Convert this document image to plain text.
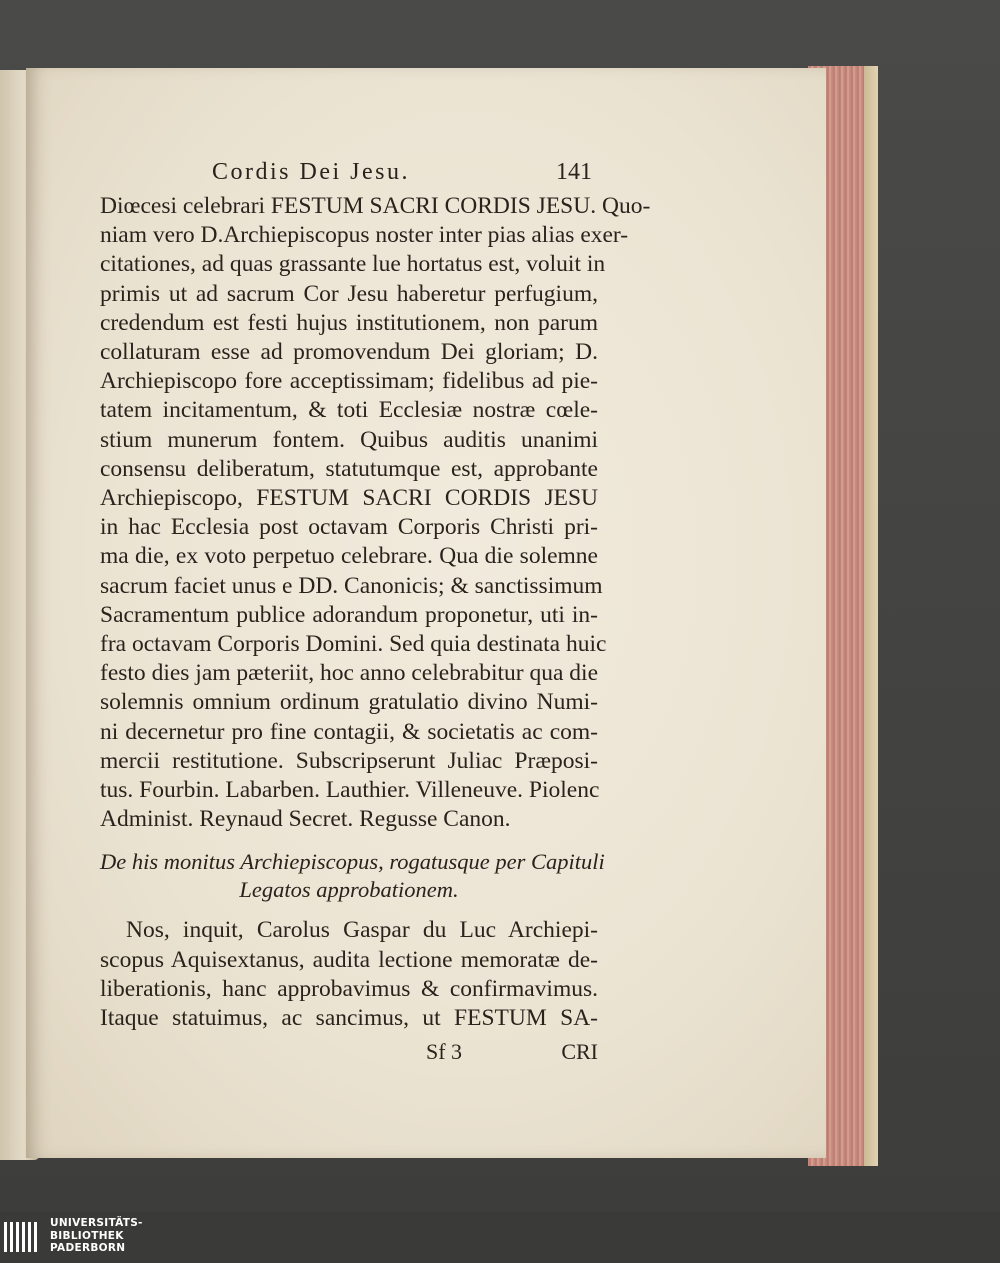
Cordis Dei Jesu.	141
Diœcesi celebrari FESTUM SACRI CORDIS JESU. Quo-
niam vero D.Archiepiscopus noster inter pias alias exer-
citationes, ad quas grassante lue hortatus est, voluit in
primis ut ad sacrum Cor Jesu haberetur perfugium,
credendum est festi hujus institutionem, non parum
collaturam esse ad promovendum Dei gloriam; D.
Archiepiscopo fore acceptissimam; fidelibus ad pie-
tatem incitamentum, & toti Ecclesiæ nostræ cœle-
stium munerum fontem. Quibus auditis unanimi
consensu deliberatum, statutumque est, approbante
Archiepiscopo, FESTUM SACRI CORDIS JESU
in hac Ecclesia post octavam Corporis Christi pri-
ma die, ex voto perpetuo celebrare. Qua die solemne
sacrum faciet unus e DD. Canonicis; & sanctissimum
Sacramentum publice adorandum proponetur, uti in-
fra octavam Corporis Domini. Sed quia destinata huic
festo dies jam pæteriit, hoc anno celebrabitur qua die
solemnis omnium ordinum gratulatio divino Numi-
ni decernetur pro fine contagii, & societatis ac com-
mercii restitutione. Subscripserunt Juliac Præposi-
tus. Fourbin. Labarben. Lauthier. Villeneuve. Piolenc
Administ. Reynaud Secret. Regusse Canon.
De his monitus Archiepiscopus, rogatusque per Capituli
Legatos approbationem.
Nos, inquit, Carolus Gaspar du Luc Archiepi-
scopus Aquisextanus, audita lectione memoratæ de-
liberationis, hanc approbavimus & confirmavimus.
Itaque statuimus, ac sancimus, ut FESTUM SA-
Sf 3	CRI
UNIVERSITÄTS-
BIBLIOTHEK
PADERBORN
